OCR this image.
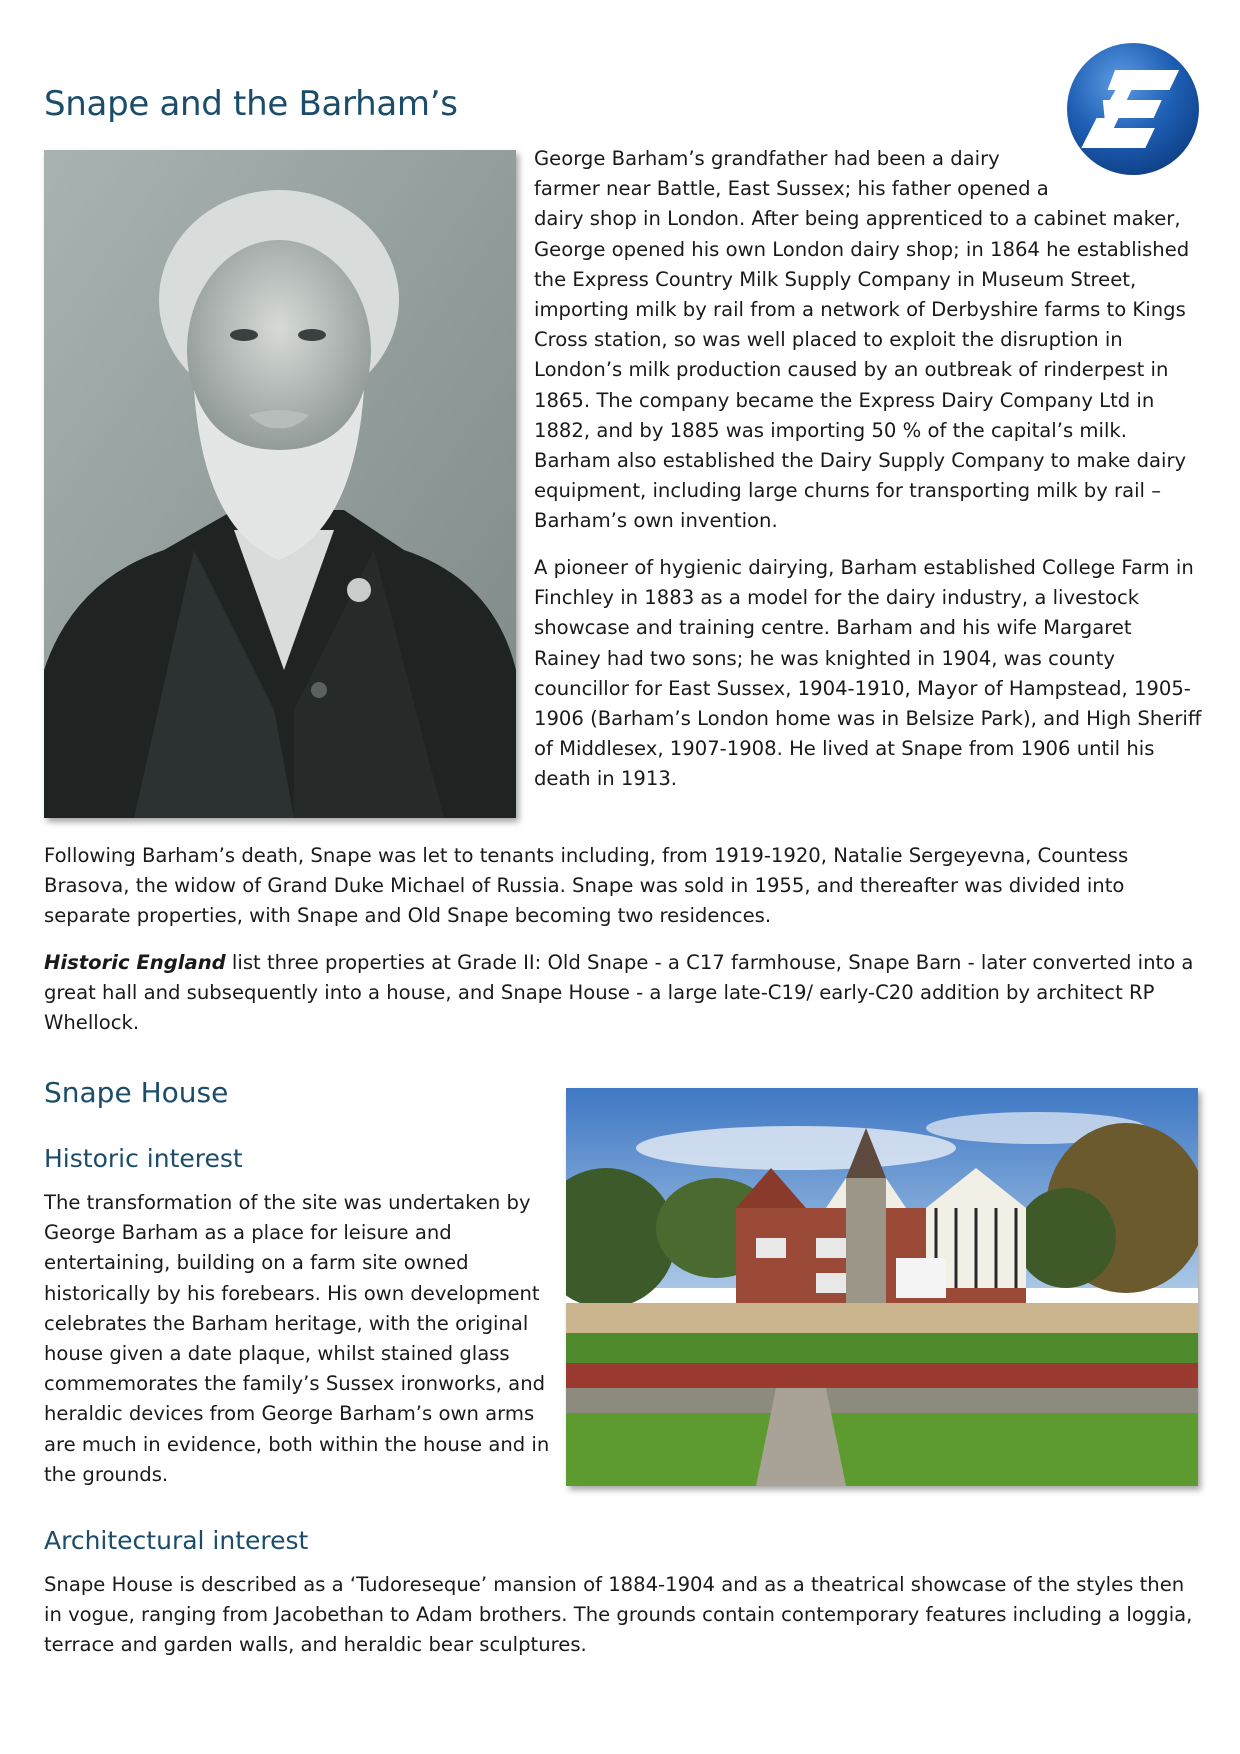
Snape and the Barham’s
George Barham’s grandfather had been a dairy
farmer near Battle, East Sussex; his father opened a
dairy shop in London. After being apprenticed to a cabinet maker,
George opened his own London dairy shop; in 1864 he established
the Express Country Milk Supply Company in Museum Street,
importing milk by rail from a network of Derbyshire farms to Kings
Cross station, so was well placed to exploit the disruption in
London’s milk production caused by an outbreak of rinderpest in
1865. The company became the Express Dairy Company Ltd in
1882, and by 1885 was importing 50 % of the capital’s milk.
Barham also established the Dairy Supply Company to make dairy
equipment, including large churns for transporting milk by rail –
Barham’s own invention.
A pioneer of hygienic dairying, Barham established College Farm in
Finchley in 1883 as a model for the dairy industry, a livestock
showcase and training centre. Barham and his wife Margaret
Rainey had two sons; he was knighted in 1904, was county
councillor for East Sussex, 1904-1910, Mayor of Hampstead, 1905-
1906 (Barham’s London home was in Belsize Park), and High Sheriff
of Middlesex, 1907-1908. He lived at Snape from 1906 until his
death in 1913.
Following Barham’s death, Snape was let to tenants including, from 1919-1920, Natalie Sergeyevna, Countess
Brasova, the widow of Grand Duke Michael of Russia. Snape was sold in 1955, and thereafter was divided into
separate properties, with Snape and Old Snape becoming two residences.
Historic England list three properties at Grade II: Old Snape - a C17 farmhouse, Snape Barn - later converted into a
great hall and subsequently into a house, and Snape House - a large late-C19/ early-C20 addition by architect RP
Whellock.
Snape House
Historic interest
The transformation of the site was undertaken by
George Barham as a place for leisure and
entertaining, building on a farm site owned
historically by his forebears. His own development
celebrates the Barham heritage, with the original
house given a date plaque, whilst stained glass
commemorates the family’s Sussex ironworks, and
heraldic devices from George Barham’s own arms
are much in evidence, both within the house and in
the grounds.
Architectural interest
Snape House is described as a ‘Tudoreseque’ mansion of 1884-1904 and as a theatrical showcase of the styles then
in vogue, ranging from Jacobethan to Adam brothers. The grounds contain contemporary features including a loggia,
terrace and garden walls, and heraldic bear sculptures.
